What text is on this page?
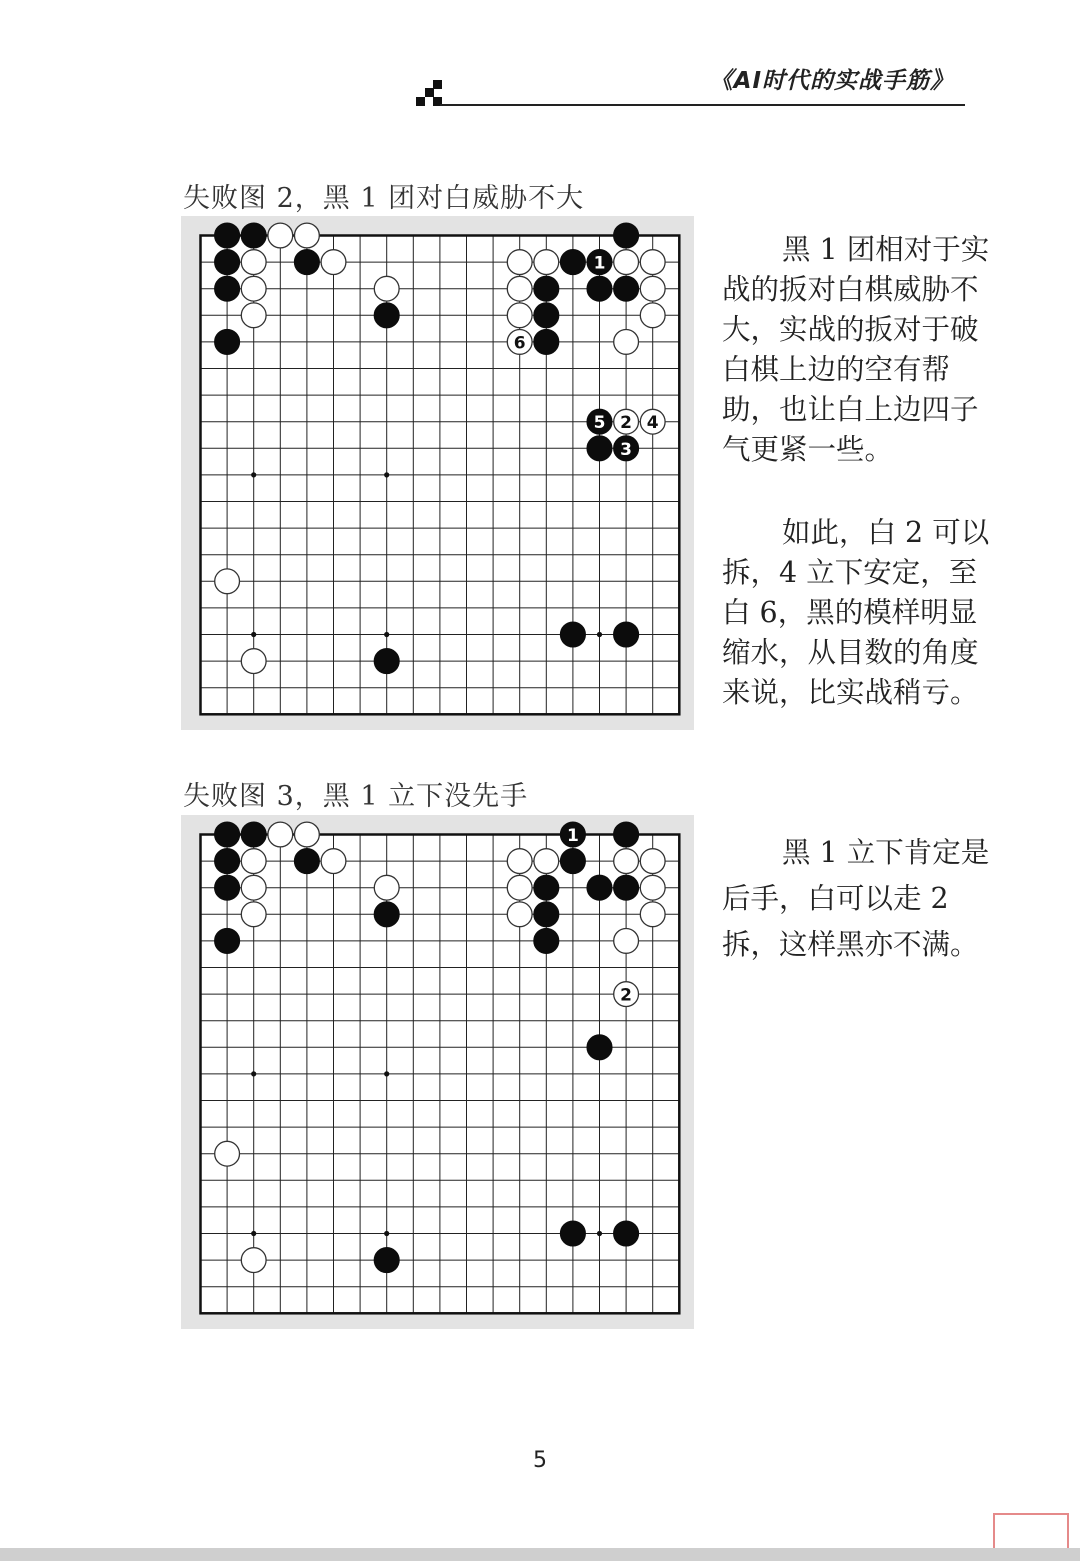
《AI时代的实战手筋》
失败图 2，黑 1 团对白威胁不大
1
6
5 2 4
3

黑 1 团相对于实战的扳对白棋威胁不大，实战的扳对于破白棋上边的空有帮助，也让白上边四子气更紧一些。

如此，白 2 可以拆，4 立下安定，至白 6，黑的模样明显缩水，从目数的角度来说，比实战稍亏。

失败图 3，黑 1 立下没先手
1
2

黑 1 立下肯定是后手，白可以走 2 拆，这样黑亦不满。

5
